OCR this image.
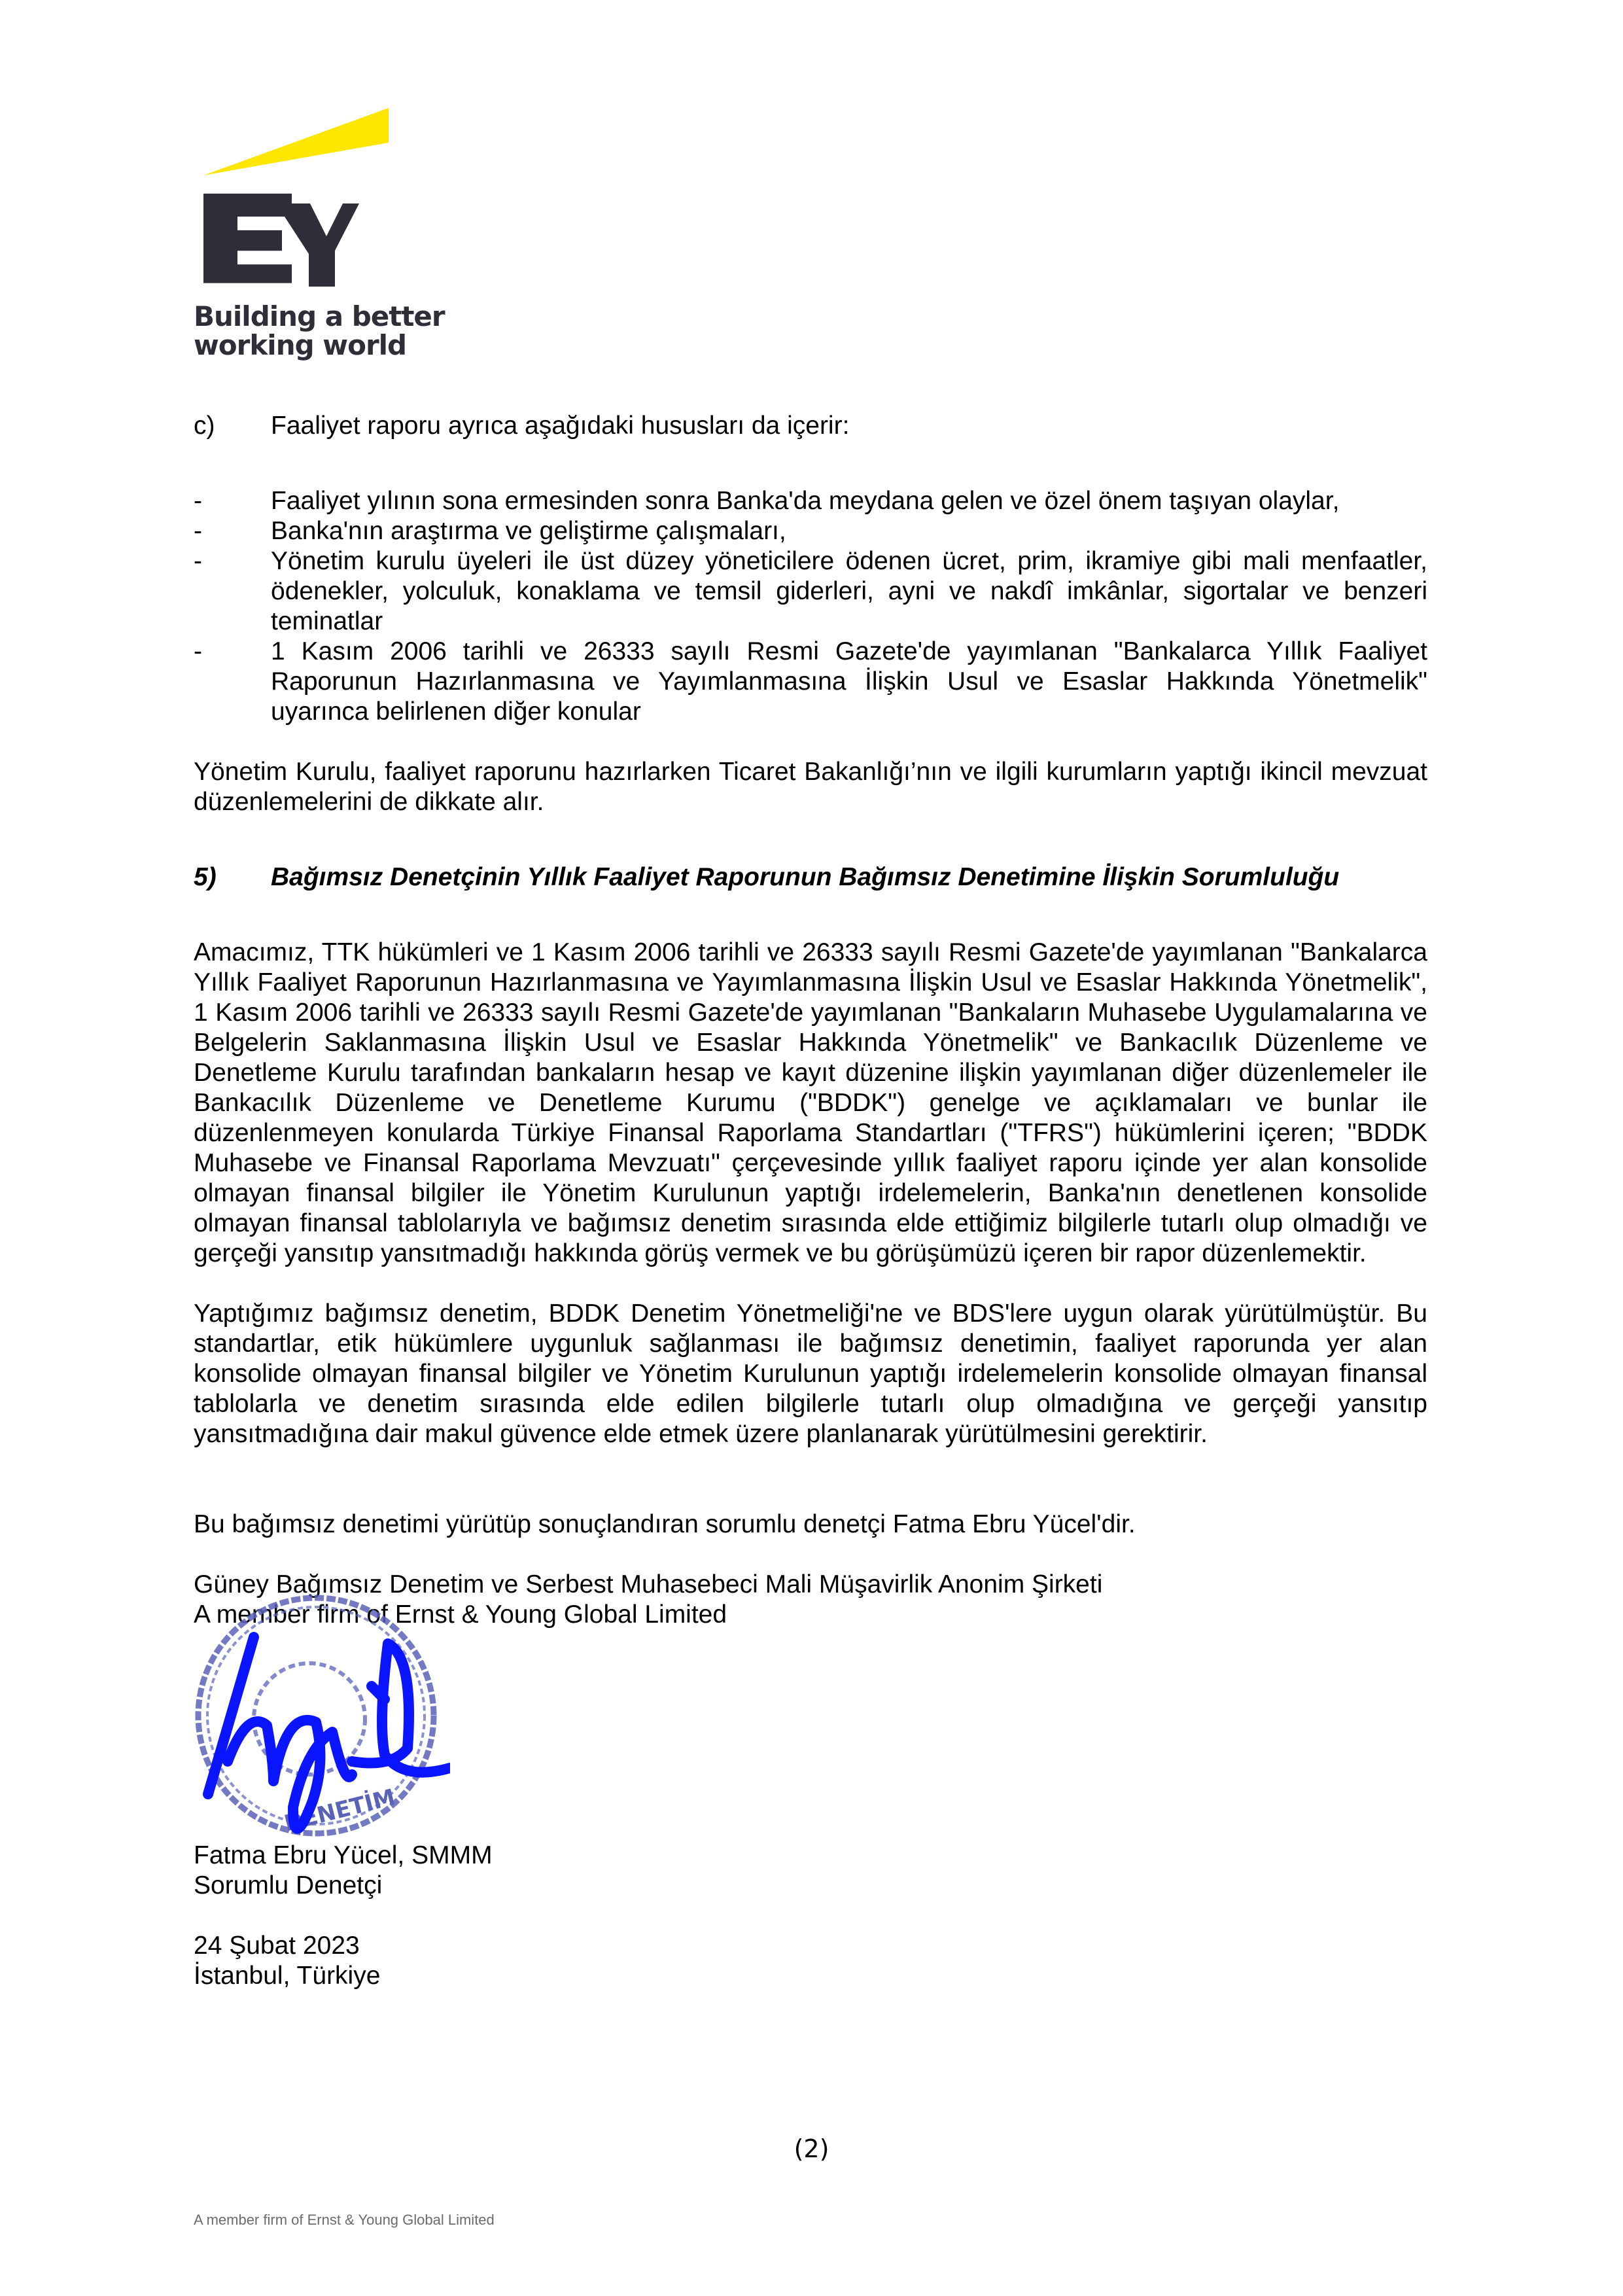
Building a better
working world
c)	Faaliyet raporu ayrıca aşağıdaki hususları da içerir:
-	Faaliyet yılının sona ermesinden sonra Banka'da meydana gelen ve özel önem taşıyan olaylar,
-	Banka'nın araştırma ve geliştirme çalışmaları,
-	Yönetim kurulu üyeleri ile üst düzey yöneticilere ödenen ücret, prim, ikramiye gibi mali menfaatler, ödenekler, yolculuk, konaklama ve temsil giderleri, ayni ve nakdî imkânlar, sigortalar ve benzeri teminatlar
-	1 Kasım 2006 tarihli ve 26333 sayılı Resmi Gazete'de yayımlanan "Bankalarca Yıllık Faaliyet Raporunun Hazırlanmasına ve Yayımlanmasına İlişkin Usul ve Esaslar Hakkında Yönetmelik" uyarınca belirlenen diğer konular

Yönetim Kurulu, faaliyet raporunu hazırlarken Ticaret Bakanlığı’nın ve ilgili kurumların yaptığı ikincil mevzuat düzenlemelerini de dikkate alır.

5)	Bağımsız Denetçinin Yıllık Faaliyet Raporunun Bağımsız Denetimine İlişkin Sorumluluğu

Amacımız, TTK hükümleri ve 1 Kasım 2006 tarihli ve 26333 sayılı Resmi Gazete'de yayımlanan "Bankalarca Yıllık Faaliyet Raporunun Hazırlanmasına ve Yayımlanmasına İlişkin Usul ve Esaslar Hakkında Yönetmelik", 1 Kasım 2006 tarihli ve 26333 sayılı Resmi Gazete'de yayımlanan "Bankaların Muhasebe Uygulamalarına ve Belgelerin Saklanmasına İlişkin Usul ve Esaslar Hakkında Yönetmelik" ve Bankacılık Düzenleme ve Denetleme Kurulu tarafından bankaların hesap ve kayıt düzenine ilişkin yayımlanan diğer düzenlemeler ile Bankacılık Düzenleme ve Denetleme Kurumu ("BDDK") genelge ve açıklamaları ve bunlar ile düzenlenmeyen konularda Türkiye Finansal Raporlama Standartları ("TFRS") hükümlerini içeren; "BDDK Muhasebe ve Finansal Raporlama Mevzuatı" çerçevesinde yıllık faaliyet raporu içinde yer alan konsolide olmayan finansal bilgiler ile Yönetim Kurulunun yaptığı irdelemelerin, Banka'nın denetlenen konsolide olmayan finansal tablolarıyla ve bağımsız denetim sırasında elde ettiğimiz bilgilerle tutarlı olup olmadığı ve gerçeği yansıtıp yansıtmadığı hakkında görüş vermek ve bu görüşümüzü içeren bir rapor düzenlemektir.

Yaptığımız bağımsız denetim, BDDK Denetim Yönetmeliği'ne ve BDS'lere uygun olarak yürütülmüştür. Bu standartlar, etik hükümlere uygunluk sağlanması ile bağımsız denetimin, faaliyet raporunda yer alan konsolide olmayan finansal bilgiler ve Yönetim Kurulunun yaptığı irdelemelerin konsolide olmayan finansal tablolarla ve denetim sırasında elde edilen bilgilerle tutarlı olup olmadığına ve gerçeği yansıtıp yansıtmadığına dair makul güvence elde etmek üzere planlanarak yürütülmesini gerektirir.

Bu bağımsız denetimi yürütüp sonuçlandıran sorumlu denetçi Fatma Ebru Yücel'dir.

Güney Bağımsız Denetim ve Serbest Muhasebeci Mali Müşavirlik Anonim Şirketi

A member firm of Ernst & Young Global Limited

Fatma Ebru Yücel, SMMM

Sorumlu Denetçi

24 Şubat 2023

İstanbul, Türkiye

DENETİM
(2)
A member firm of Ernst & Young Global Limited
